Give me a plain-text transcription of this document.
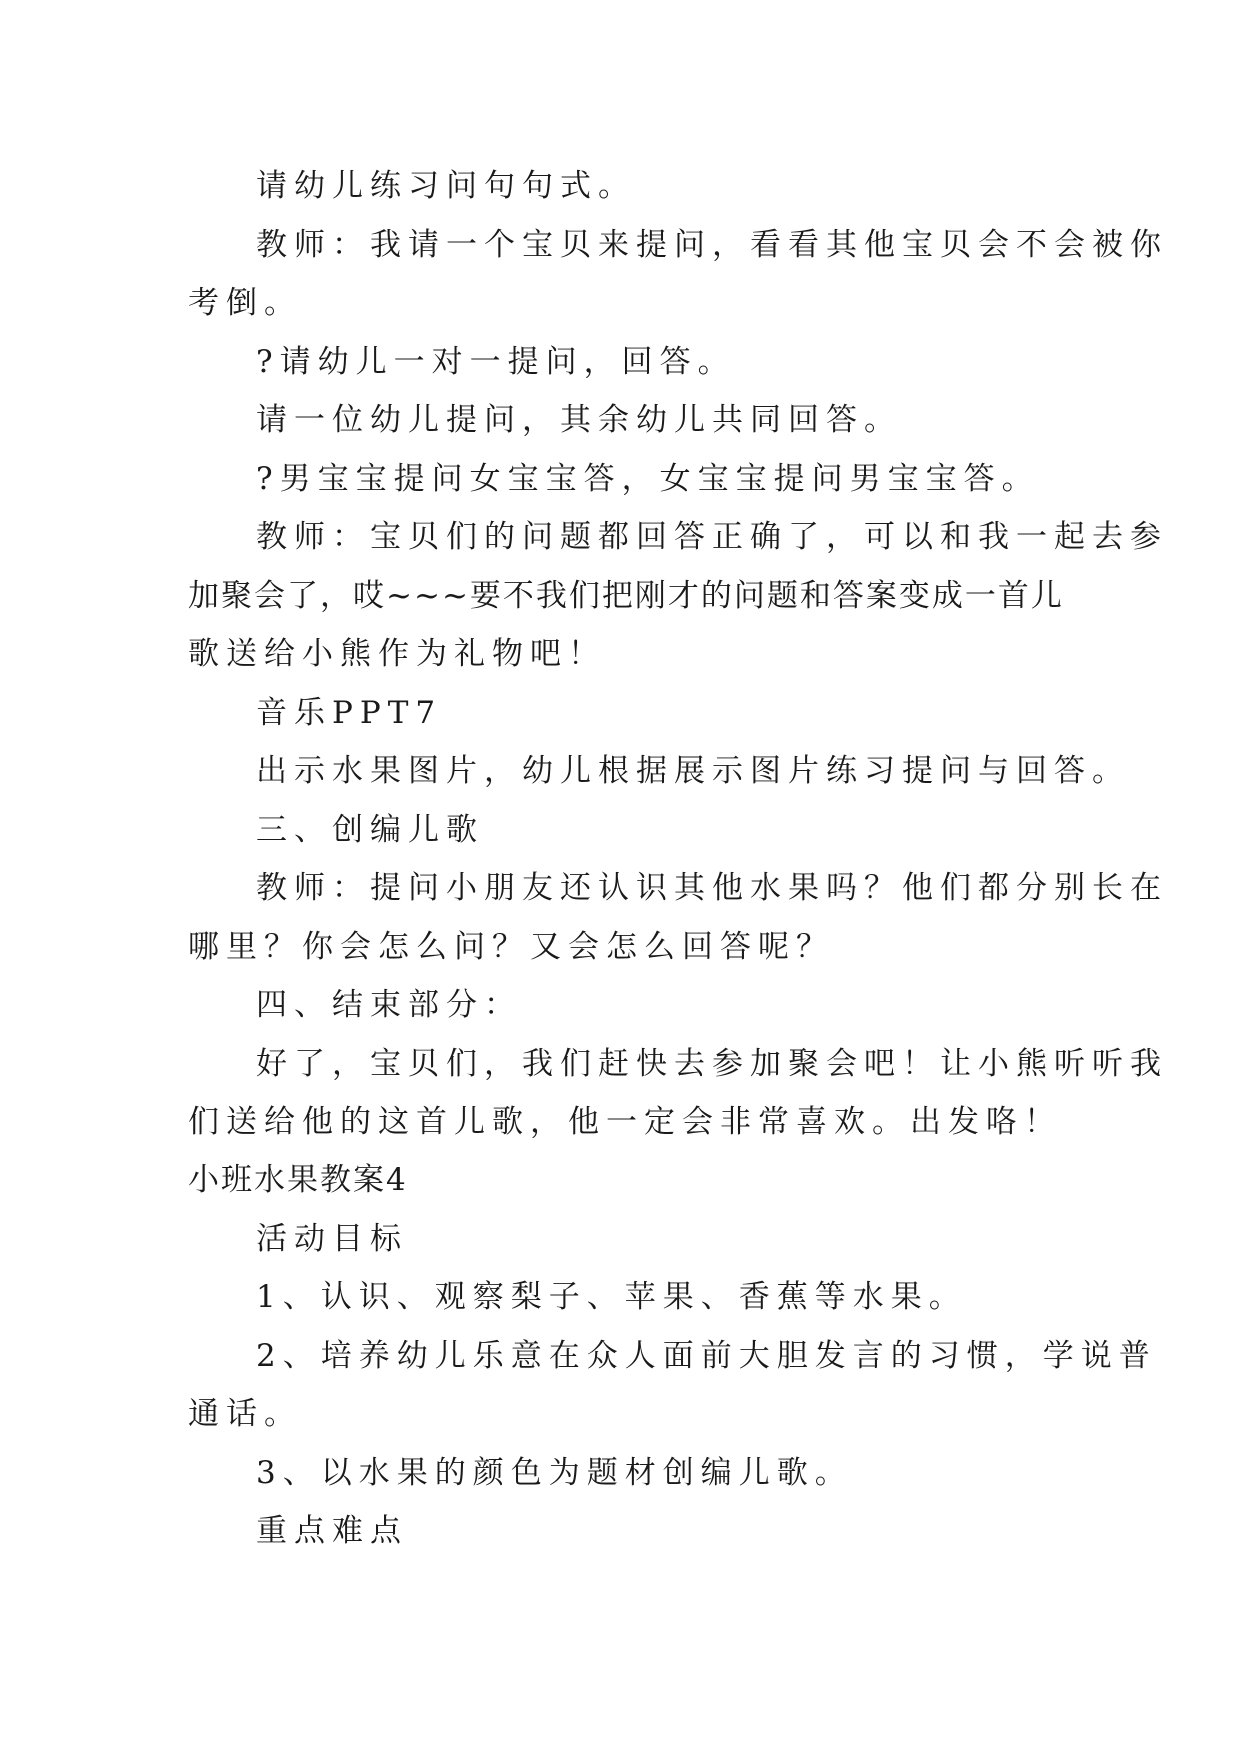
请幼儿练习问句句式。
教师：我请一个宝贝来提问，看看其他宝贝会不会被你
考倒。
?请幼儿一对一提问，回答。
请一位幼儿提问，其余幼儿共同回答。
?男宝宝提问女宝宝答，女宝宝提问男宝宝答。
教师：宝贝们的问题都回答正确了，可以和我一起去参
加聚会了，哎~~~要不我们把刚才的问题和答案变成一首儿
歌送给小熊作为礼物吧！
音乐PPT7
出示水果图片，幼儿根据展示图片练习提问与回答。
三、创编儿歌
教师：提问小朋友还认识其他水果吗？他们都分别长在
哪里？你会怎么问？又会怎么回答呢？
四、结束部分：
好了，宝贝们，我们赶快去参加聚会吧！让小熊听听我
们送给他的这首儿歌，他一定会非常喜欢。出发咯！
小班水果教案4
活动目标
1、认识、观察梨子、苹果、香蕉等水果。
2、培养幼儿乐意在众人面前大胆发言的习惯，学说普
通话。
3、以水果的颜色为题材创编儿歌。
重点难点
